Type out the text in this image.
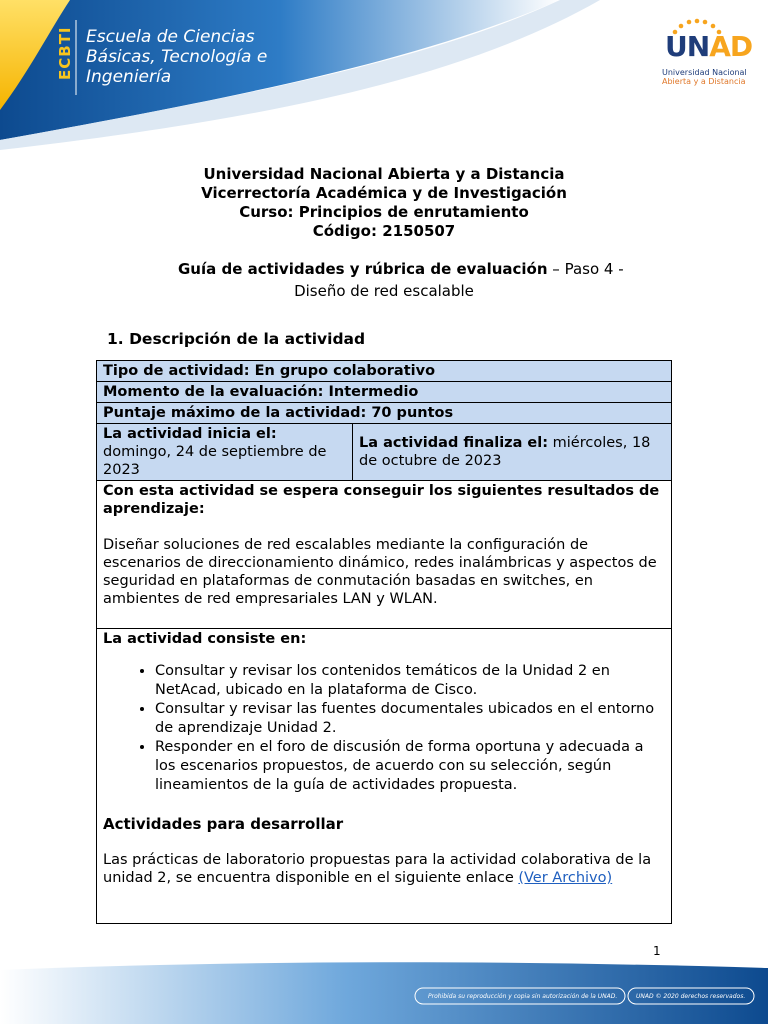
ECBTI Escuela de Ciencias
Básicas, Tecnología e
Ingeniería
UNAD
Universidad Nacional
Abierta y a Distancia
Universidad Nacional Abierta y a Distancia
Vicerrectoría Académica y de Investigación
Curso: Principios de enrutamiento
Código: 2150507
Guía de actividades y rúbrica de evaluación – Paso 4 -
Diseño de red escalable
1. Descripción de la actividad
Tipo de actividad: En grupo colaborativo
Momento de la evaluación: Intermedio
Puntaje máximo de la actividad: 70 puntos
La actividad inicia el:
domingo, 24 de septiembre de 2023	La actividad finaliza el: miércoles, 18 de octubre de 2023

Con esta actividad se espera conseguir los siguientes resultados de aprendizaje:
Diseñar soluciones de red escalables mediante la configuración de escenarios de direccionamiento dinámico, redes inalámbricas y aspectos de seguridad en plataformas de conmutación basadas en switches, en ambientes de red empresariales LAN y WLAN.

La actividad consiste en:
• Consultar y revisar los contenidos temáticos de la Unidad 2 en NetAcad, ubicado en la plataforma de Cisco.
• Consultar y revisar las fuentes documentales ubicados en el entorno de aprendizaje Unidad 2.
• Responder en el foro de discusión de forma oportuna y adecuada a los escenarios propuestos, de acuerdo con su selección, según lineamientos de la guía de actividades propuesta.
Actividades para desarrollar
Las prácticas de laboratorio propuestas para la actividad colaborativa de la unidad 2, se encuentra disponible en el siguiente enlace (Ver Archivo)
1
Prohibida su reproducción y copia sin autorización de la UNAD.	UNAD © 2020 derechos reservados.
